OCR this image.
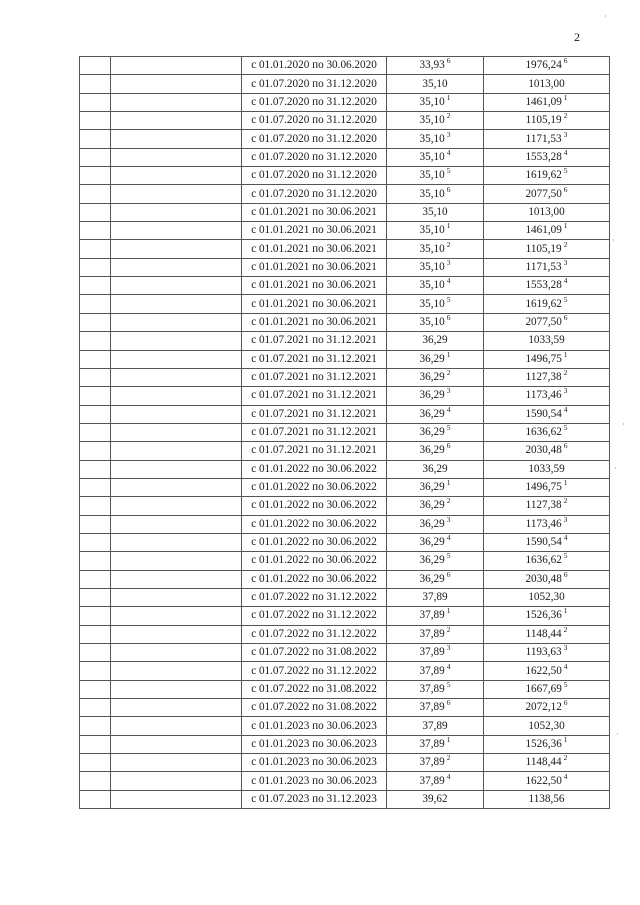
2
		с 01.01.2020 по 30.06.2020	33,93 $^6$	1976,24 $^6$
		с 01.07.2020 по 31.12.2020	35,10	1013,00
		с 01.07.2020 по 31.12.2020	35,10 $^1$	1461,09 $^1$
		с 01.07.2020 по 31.12.2020	35,10 $^2$	1105,19 $^2$
		с 01.07.2020 по 31.12.2020	35,10 $^3$	1171,53 $^3$
		с 01.07.2020 по 31.12.2020	35,10 $^4$	1553,28 $^4$
		с 01.07.2020 по 31.12.2020	35,10 $^5$	1619,62 $^5$
		с 01.07.2020 по 31.12.2020	35,10 $^6$	2077,50 $^6$
		с 01.01.2021 по 30.06.2021	35,10	1013,00
		с 01.01.2021 по 30.06.2021	35,10 $^1$	1461,09 $^1$
		с 01.01.2021 по 30.06.2021	35,10 $^2$	1105,19 $^2$
		с 01.01.2021 по 30.06.2021	35,10 $^3$	1171,53 $^3$
		с 01.01.2021 по 30.06.2021	35,10 $^4$	1553,28 $^4$
		с 01.01.2021 по 30.06.2021	35,10 $^5$	1619,62 $^5$
		с 01.01.2021 по 30.06.2021	35,10 $^6$	2077,50 $^6$
		с 01.07.2021 по 31.12.2021	36,29	1033,59
		с 01.07.2021 по 31.12.2021	36,29 $^1$	1496,75 $^1$
		с 01.07.2021 по 31.12.2021	36,29 $^2$	1127,38 $^2$
		с 01.07.2021 по 31.12.2021	36,29 $^3$	1173,46 $^3$
		с 01.07.2021 по 31.12.2021	36,29 $^4$	1590,54 $^4$
		с 01.07.2021 по 31.12.2021	36,29 $^5$	1636,62 $^5$
		с 01.07.2021 по 31.12.2021	36,29 $^6$	2030,48 $^6$
		с 01.01.2022 по 30.06.2022	36,29	1033,59
		с 01.01.2022 по 30.06.2022	36,29 $^1$	1496,75 $^1$
		с 01.01.2022 по 30.06.2022	36,29 $^2$	1127,38 $^2$
		с 01.01.2022 по 30.06.2022	36,29 $^3$	1173,46 $^3$
		с 01.01.2022 по 30.06.2022	36,29 $^4$	1590,54 $^4$
		с 01.01.2022 по 30.06.2022	36,29 $^5$	1636,62 $^5$
		с 01.01.2022 по 30.06.2022	36,29 $^6$	2030,48 $^6$
		с 01.07.2022 по 31.12.2022	37,89	1052,30
		с 01.07.2022 по 31.12.2022	37,89 $^1$	1526,36 $^1$
		с 01.07.2022 по 31.12.2022	37,89 $^2$	1148,44 $^2$
		с 01.07.2022 по 31.08.2022	37,89 $^3$	1193,63 $^3$
		с 01.07.2022 по 31.12.2022	37,89 $^4$	1622,50 $^4$
		с 01.07.2022 по 31.08.2022	37,89 $^5$	1667,69 $^5$
		с 01.07.2022 по 31.08.2022	37,89 $^6$	2072,12 $^6$
		с 01.01.2023 по 30.06.2023	37,89	1052,30
		с 01.01.2023 по 30.06.2023	37,89 $^1$	1526,36 $^1$
		с 01.01.2023 по 30.06.2023	37,89 $^2$	1148,44 $^2$
		с 01.01.2023 по 30.06.2023	37,89 $^4$	1622,50 $^4$
		с 01.07.2023 по 31.12.2023	39,62	1138,56
·
·
·
·
·
